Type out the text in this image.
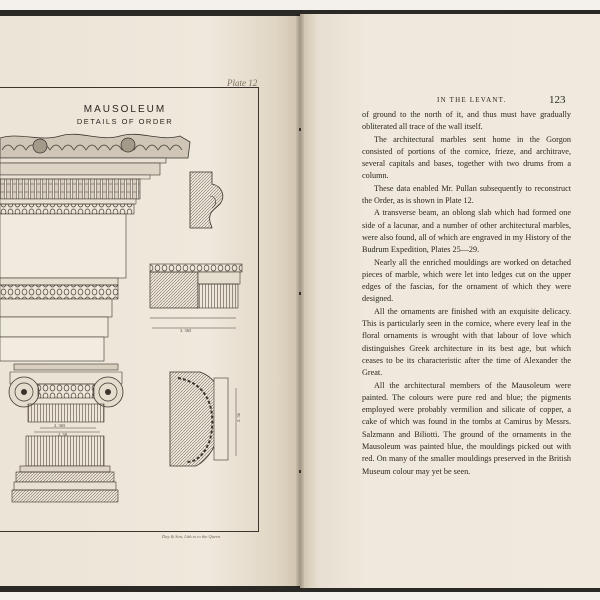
Plate 12
MAUSOLEUM
DETAILS OF ORDER
3. 365
2. 365
2. 58
2. 36
Day & Son, Lith.rs to the Queen
IN THE LEVANT.	123

of ground to the north of it, and thus must have gradually obliterated all trace of the wall itself.

The architectural marbles sent home in the Gorgon consisted of portions of the cornice, frieze, and architrave, several capitals and bases, together with two drums from a column.

These data enabled Mr. Pullan subsequently to reconstruct the Order, as is shown in Plate 12.

A transverse beam, an oblong slab which had formed one side of a lacunar, and a number of other architectural marbles, were also found, all of which are engraved in my History of the Budrum Expedition, Plates 25—29.

Nearly all the enriched mouldings are worked on detached pieces of marble, which were let into ledges cut on the upper edges of the fascias, for the ornament of which they were designed.

All the ornaments are finished with an exquisite delicacy. This is particularly seen in the cornice, where every leaf in the floral ornaments is wrought with that labour of love which distinguishes Greek architecture in its best age, but which ceases to be its characteristic after the time of Alexander the Great.

All the architectural members of the Mausoleum were painted. The colours were pure red and blue; the pigments employed were probably vermilion and silicate of copper, a cake of which was found in the tombs at Camirus by Messrs. Salzmann and Biliotti. The ground of the ornaments in the Mausoleum was painted blue, the mouldings picked out with red. On many of the smaller mouldings preserved in the British Museum colour may yet be seen.
